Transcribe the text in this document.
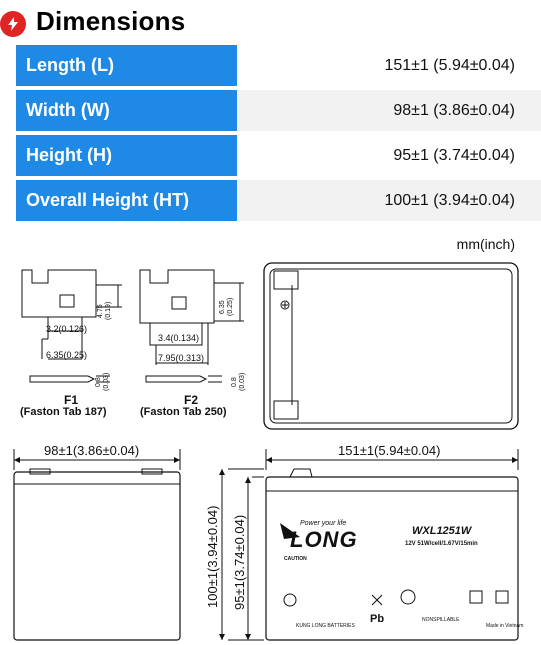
Dimensions
Length (L)	151±1 (5.94±0.04)
Width (W)	98±1 (3.86±0.04)
Height (H)	95±1 (3.74±0.04)
Overall Height (HT)	100±1 (3.94±0.04)
mm(inch)
4.75 (0.19)
3.2(0.126)
6.35(0.25)
0.8 (0.03)
F1
(Faston Tab 187)
6.35 (0.25)
3.4(0.134)
7.95(0.313)
0.8 (0.03)
F2
(Faston Tab 250)
98±1(3.86±0.04)	151±1(5.94±0.04)
100±1(3.94±0.04) 95±1(3.74±0.04)	Power your life
LONG	WXL1251W
12V 51W/cell/1.67V/15min
CAUTION
Pb
KUNG LONG BATTERIES
NONSPILLABLE
Made in Vietnam
